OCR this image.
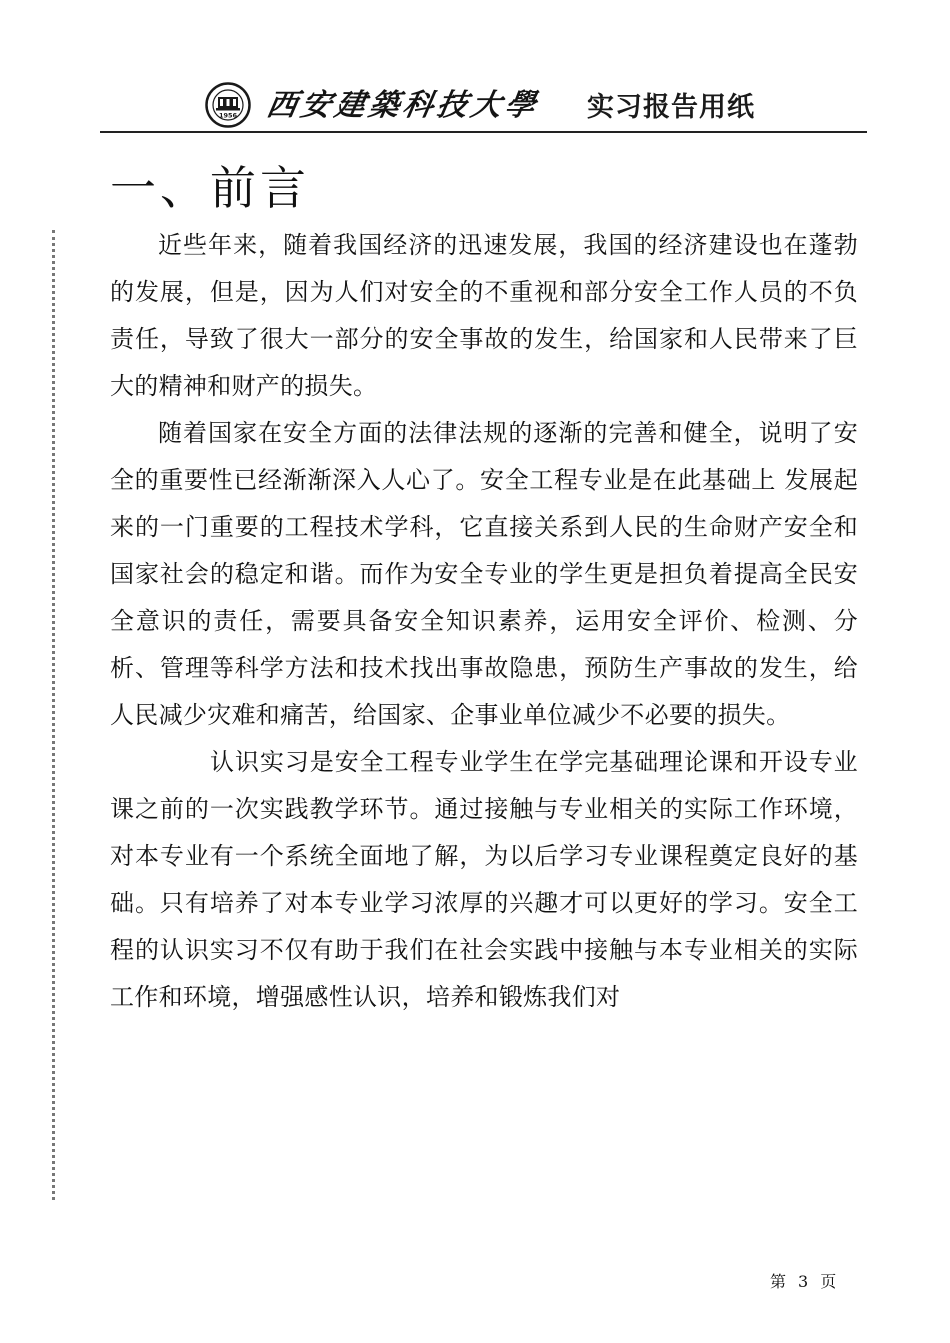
1956 西安建築科技大學 实习报告用纸
一、前言

近些年来，随着我国经济的迅速发展，我国的经济建设也在蓬勃的发展，但是，因为人们对安全的不重视和部分安全工作人员的不负责任，导致了很大一部分的安全事故的发生，给国家和人民带来了巨大的精神和财产的损失。

随着国家在安全方面的法律法规的逐渐的完善和健全，说明了安全的重要性已经渐渐深入人心了。安全工程专业是在此基础上 发展起来的一门重要的工程技术学科，它直接关系到人民的生命财产安全和国家社会的稳定和谐。而作为安全专业的学生更是担负着提高全民安全意识的责任，需要具备安全知识素养，运用安全评价、检测、分析、管理等科学方法和技术找出事故隐患，预防生产事故的发生，给人民减少灾难和痛苦，给国家、企事业单位减少不必要的损失。

认识实习是安全工程专业学生在学完基础理论课和开设专业课之前的一次实践教学环节。通过接触与专业相关的实际工作环境，对本专业有一个系统全面地了解，为以后学习专业课程奠定良好的基础。只有培养了对本专业学习浓厚的兴趣才可以更好的学习。安全工程的认识实习不仅有助于我们在社会实践中接触与本专业相关的实际工作和环境，增强感性认识，培养和锻炼我们对

第 3 页
